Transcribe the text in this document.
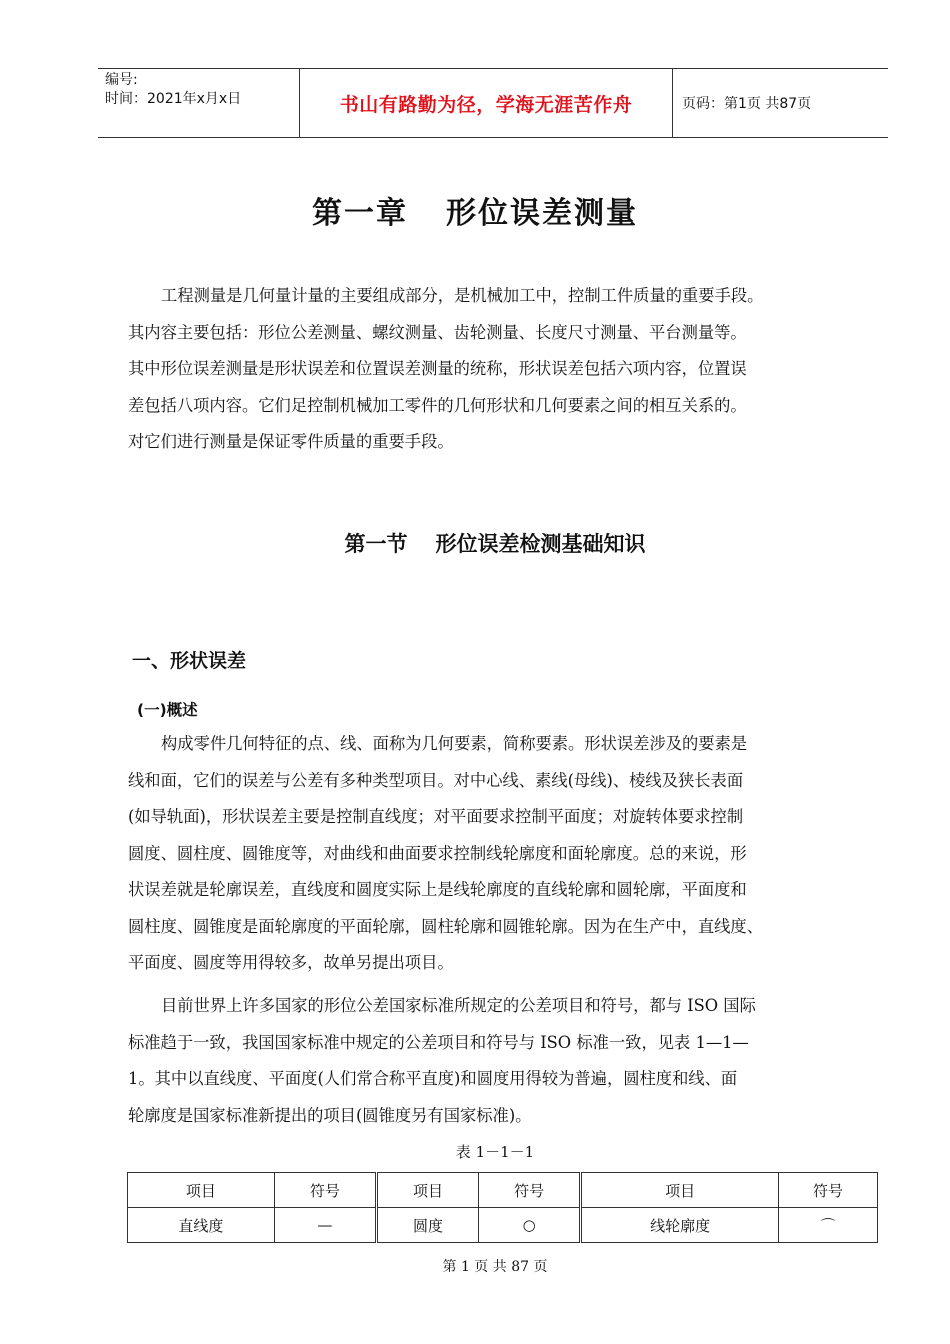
编号:
时间：2021年x月x日	书山有路勤为径，学海无涯苦作舟	页码：第1页 共87页
第一章 形位误差测量
工程测量是几何量计量的主要组成部分，是机械加工中，控制工件质量的重要手段。
其内容主要包括：形位公差测量、螺纹测量、齿轮测量、长度尺寸测量、平台测量等。
其中形位误差测量是形状误差和位置误差测量的统称，形状误差包括六项内容，位置误
差包括八项内容。它们足控制机械加工零件的几何形状和几何要素之间的相互关系的。
对它们进行测量是保证零件质量的重要手段。
第一节 形位误差检测基础知识
一、形状误差
(一)概述
构成零件几何特征的点、线、面称为几何要素，简称要素。形状误差涉及的要素是
线和面，它们的误差与公差有多种类型项目。对中心线、素线(母线)、棱线及狭长表面
(如导轨面)，形状误差主要是控制直线度；对平面要求控制平面度；对旋转体要求控制
圆度、圆柱度、圆锥度等，对曲线和曲面要求控制线轮廓度和面轮廓度。总的来说，形
状误差就是轮廓误差，直线度和圆度实际上是线轮廓度的直线轮廓和圆轮廓，平面度和
圆柱度、圆锥度是面轮廓度的平面轮廓，圆柱轮廓和圆锥轮廓。因为在生产中，直线度、
平面度、圆度等用得较多，故单另提出项目。
目前世界上许多国家的形位公差国家标准所规定的公差项目和符号，都与 ISO 国际
标准趋于一致，我国国家标准中规定的公差项目和符号与 ISO 标准一致，见表 1—1—
1。其中以直线度、平面度(人们常合称平直度)和圆度用得较为普遍，圆柱度和线、面
轮廓度是国家标准新提出的项目(圆锥度另有国家标准)。
表 1－1－1
项目	符号	项目	符号	项目	符号
直线度	—	圆度	○	线轮廓度	⌒
第 1 页 共 87 页
